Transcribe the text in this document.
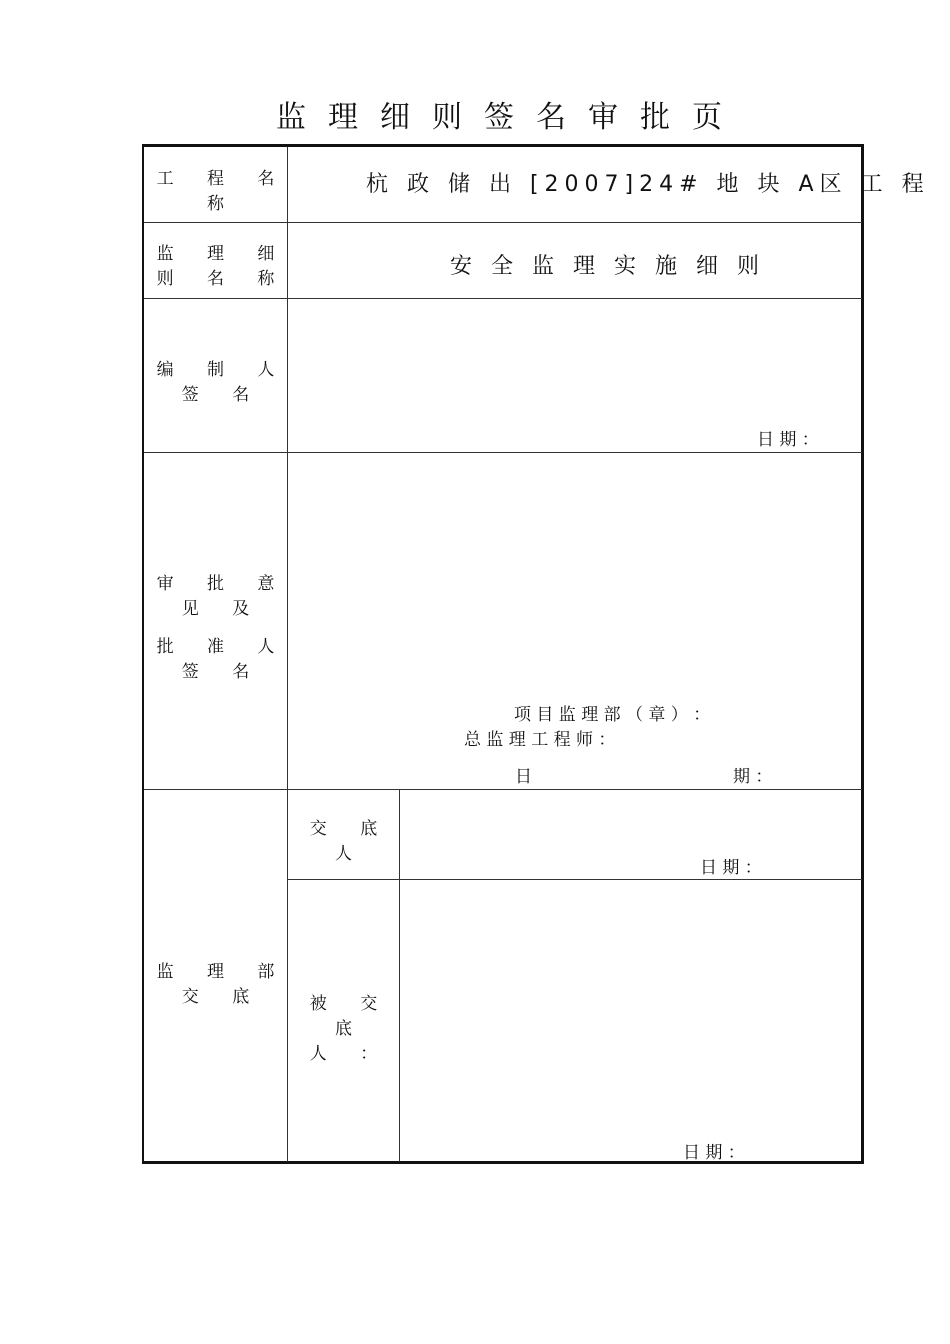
监理细则签名审批页
工 程 名
称
杭 政 储 出 [2007]24# 地 块 A区 工 程
监 理 细
则 名 称	安 全 监 理 实 施 细 则
编 制 人
签 名
日 期 ：
审 批 意
见 及
批 准 人
签 名
项 目 监 理 部 （ 章 ） ：
总 监 理 工 程 师 ：
日	期 ：
监 理 部
交 底
交 底
人
日 期 ：
被 交
底
人 ：
日 期 ：
